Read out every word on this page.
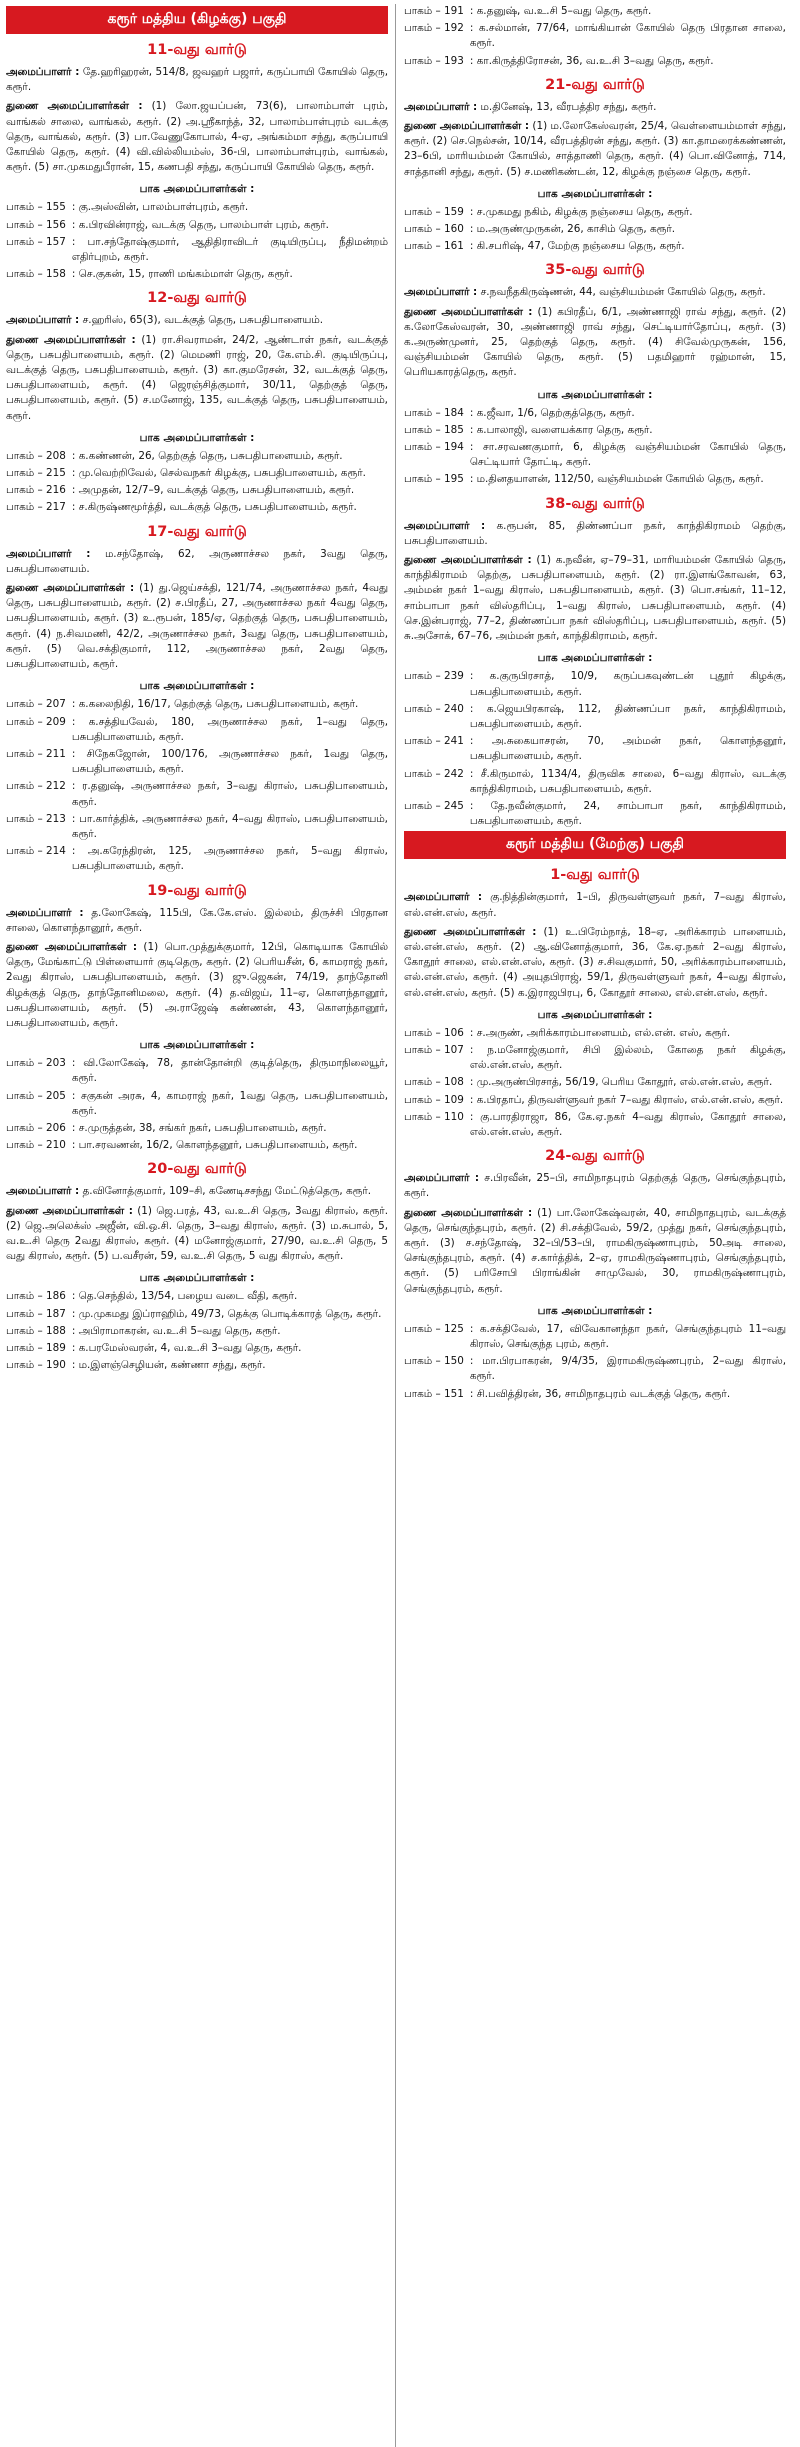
கரூர் மத்திய (கிழக்கு) பகுதி
11-வது வார்டு

அமைப்பாளர் : தே.ஹரிஹரன், 514/8, ஜவஹர் பஜார், கருப்பாயி கோயில் தெரு, கரூர்.

துணை அமைப்பாளர்கள் : (1) லோ.ஜயப்பன், 73(6), பாலாம்பாள் புரம், வாங்கல் சாலை, வாங்கல், கரூர். (2) அ.ஸ்ரீகாந்த், 32, பாலாம்பாள்புரம் வடக்கு தெரு, வாங்கல், கரூர். (3) பா.வேணுகோபால், 4-ஏ, அங்கம்மா சந்து, கருப்பாயி கோயில் தெரு, கரூர். (4) வி.வில்லியம்ஸ், 36-பி, பாலாம்பாள்புரம், வாங்கல், கரூர். (5) சா.முகமதுபீரான், 15, கணபதி சந்து, கருப்பாயி கோயில் தெரு, கரூர்.

பாக அமைப்பாளர்கள் :
பாகம் – 155 : கு.அஸ்வின், பாலம்பாள்புரம், கரூர்.
பாகம் – 156 : க.பிரவின்ராஜ், வடக்கு தெரு, பாலம்பாள் புரம், கரூர்.
பாகம் – 157 : பா.சந்தோஷ்குமார், ஆதிதிராவிடர் குடியிருப்பு, நீதிமன்றம் எதிர்புறம், கரூர்.
பாகம் – 158 : செ.குகன், 15, ராணி மங்கம்மாள் தெரு, கரூர்.
12-வது வார்டு

அமைப்பாளர் : ச.ஹரிஸ், 65(3), வடக்குத் தெரு, பசுபதிபாளையம்.

துணை அமைப்பாளர்கள் : (1) ரா.சிவராமன், 24/2, ஆண்டாள் நகர், வடக்குத் தெரு, பசுபதிபாளையம், கரூர். (2) மெமணி ராஜ், 20, கே.எம்.சி. குடியிருப்பு, வடக்குத் தெரு, பசுபதிபாளையம், கரூர். (3) கா.குமரேசன், 32, வடக்குத் தெரு, பசுபதிபாளையம், கரூர். (4) ஜெரஞ்சித்குமார், 30/11, தெற்குத் தெரு, பசுபதிபாளையம், கரூர். (5) ச.மனோஜ், 135, வடக்குத் தெரு, பசுபதிபாளையம், கரூர்.

பாக அமைப்பாளர்கள் :
பாகம் – 208 : க.கண்ணன், 26, தெற்குத் தெரு, பசுபதிபாளையம், கரூர்.
பாகம் – 215 : மு.வெற்றிவேல், செல்வநகர் கிழக்கு, பசுபதிபாளையம், கரூர்.
பாகம் – 216 : அமுதன், 12/7–9, வடக்குத் தெரு, பசுபதிபாளையம், கரூர்.
பாகம் – 217 : ச.கிருஷ்ணமூர்த்தி, வடக்குத் தெரு, பசுபதிபாளையம், கரூர்.
17-வது வார்டு

அமைப்பாளர் : ம.சந்தோஷ், 62, அருணாச்சல நகர், 3வது தெரு, பசுபதிபாளையம்.

துணை அமைப்பாளர்கள் : (1) து.ஜெய்சக்தி, 121/74, அருணாச்சல நகர், 4வது தெரு, பசுபதிபாளையம், கரூர். (2) ச.பிரதீப், 27, அருணாச்சல நகர் 4வது தெரு, பசுபதிபாளையம், கரூர். (3) உ.ரூபன், 185/ஏ, தெற்குத் தெரு, பசுபதிபாளையம், கரூர். (4) ந.சிவமணி, 42/2, அருணாச்சல நகர், 3வது தெரு, பசுபதிபாளையம், கரூர். (5) வெ.சக்திகுமார், 112, அருணாச்சல நகர், 2வது தெரு, பசுபதிபாளையம், கரூர்.

பாக அமைப்பாளர்கள் :
பாகம் – 207 : க.கலைநிதி, 16/17, தெற்குத் தெரு, பசுபதிபாளையம், கரூர்.
பாகம் – 209 : க.சத்தியவேல், 180, அருணாச்சல நகர், 1–வது தெரு, பசுபதிபாளையம், கரூர்.
பாகம் – 211 : சிநேகஜோன், 100/176, அருணாச்சல நகர், 1வது தெரு, பசுபதிபாளையம், கரூர்.
பாகம் – 212 : ர.தனுஷ், அருணாச்சல நகர், 3–வது கிராஸ், பசுபதிபாளையம், கரூர்.
பாகம் – 213 : பா.கார்த்திக், அருணாச்சல நகர், 4–வது கிராஸ், பசுபதிபாளையம், கரூர்.
பாகம் – 214 : அ.கரேந்திரன், 125, அருணாச்சல நகர், 5–வது கிராஸ், பசுபதிபாளையம், கரூர்.
19-வது வார்டு

அமைப்பாளர் : த.லோகேஷ், 115பி, கே.கே.எஸ். இல்லம், திருச்சி பிரதான சாலை, கொளந்தானூர், கரூர்.

துணை அமைப்பாளர்கள் : (1) பொ.முத்துக்குமார், 12பி, கொடியாக கோயில் தெரு, மேங்காட்டு பிள்ளையார் குடிதெரு, கரூர். (2) பெரியசீன், 6, காமராஜ் நகர், 2வது கிராஸ், பசுபதிபாளையம், கரூர். (3) ஜு.ஜெகன், 74/19, தாந்தோனி கிழக்குத் தெரு, தாந்தோனிமலை, கரூர். (4) த.விஜய், 11–ஏ, கொளந்தானூர், பசுபதிபாளையம், கரூர். (5) அ.ராஜேஷ் கண்ணன், 43, கொளந்தானூர், பசுபதிபாளையம், கரூர்.

பாக அமைப்பாளர்கள் :
பாகம் – 203 : வி.லோகேஷ், 78, தான்தோன்றி குடித்தெரு, திருமாநிலையூர், கரூர்.
பாகம் – 205 : சகுகன் அரசு, 4, காமராஜ் நகர், 1வது தெரு, பசுபதிபாளையம், கரூர்.
பாகம் – 206 : ச.முருத்தன், 38, சங்கர் நகர், பசுபதிபாளையம், கரூர்.
பாகம் – 210 : பா.சரவணன், 16/2, கொளந்தனூர், பசுபதிபாளையம், கரூர்.
20-வது வார்டு

அமைப்பாளர் : த.வினோத்குமார், 109–சி, கணேடிசசந்து மேட்டுத்தெரு, கரூர்.

துணை அமைப்பாளர்கள் : (1) ஜெ.பரத், 43, வ.உ.சி தெரு, 3வது கிராஸ், கரூர். (2) ஜெ.அலெக்ஸ் அஜீன், வி.ஒ.சி. தெரு, 3–வது கிராஸ், கரூர். (3) ம.சுபால், 5, வ.உ.சி தெரு 2வது கிராஸ், கரூர். (4) மனோஜ்குமார், 27/90, வ.உ.சி தெரு, 5 வது கிராஸ், கரூர். (5) ப.வசீரன், 59, வ.உ.சி தெரு, 5 வது கிராஸ், கரூர்.

பாக அமைப்பாளர்கள் :
பாகம் – 186 : தெ.செந்தில், 13/54, பழைய வடை வீதி, கரூர்.
பாகம் – 187 : மு.முகமது இப்ராஹிம், 49/73, தெக்கு பொடிக்காரத் தெரு, கரூர்.
பாகம் – 188 : அபிராமாகரன், வ.உ.சி 5–வது தெரு, கரூர்.
பாகம் – 189 : க.பரமேஸ்வரன், 4, வ.உ.சி 3–வது தெரு, கரூர்.
பாகம் – 190 : ம.இளஞ்செழியன், கண்ணா சந்து, கரூர்.
பாகம் – 191 : க.தனுஷ், வ.உ.சி 5–வது தெரு, கரூர்.
பாகம் – 192 : க.சல்மான், 77/64, மாங்கியான் கோயில் தெரு பிரதான சாலை, கரூர்.
பாகம் – 193 : கா.கிருத்திரோசன், 36, வ.உ.சி 3–வது தெரு, கரூர்.
21-வது வார்டு

அமைப்பாளர் : ம.தினேஷ், 13, வீரபத்திர சந்து, கரூர்.

துணை அமைப்பாளர்கள் : (1) ம.லோகேஸ்வரன், 25/4, வெள்ளையம்மாள் சந்து, கரூர். (2) செ.நெல்சன், 10/14, வீரபத்திரன் சந்து, கரூர். (3) கா.தாமரைக்கண்ணன், 23–6பி, மாரியம்மன் கோயில், சாத்தாணி தெரு, கரூர். (4) பொ.வினோத், 714, சாத்தானி சந்து, கரூர். (5) ச.மணிகண்டன், 12, கிழக்கு நஞ்சை தெரு, கரூர்.

பாக அமைப்பாளர்கள் :
பாகம் – 159 : ச.முகமது நகிம், கிழக்கு நஞ்சைய தெரு, கரூர்.
பாகம் – 160 : ம.அருண்முருகன், 26, காசிம் தெரு, கரூர்.
பாகம் – 161 : கி.சபரிஷ், 47, மேற்கு நஞ்சைய தெரு, கரூர்.
35-வது வார்டு

அமைப்பாளர் : ச.நவநீதகிருஷ்ணன், 44, வஞ்சியம்மன் கோயில் தெரு, கரூர்.

துணை அமைப்பாளர்கள் : (1) கபிரதீப், 6/1, அண்ணாஜி ராவ் சந்து, கரூர். (2) க.லோகேஸ்வரன், 30, அண்ணாஜி ராவ் சந்து, செட்டியார்தோப்பு, கரூர். (3) க.அருண்முனர், 25, தெற்குத் தெரு, கரூர். (4) சிவேல்முருகன், 156, வஞ்சியம்மன் கோயில் தெரு, கரூர். (5) பதமிஹார் ரஹ்மான், 15, பெரியகாரத்தெரு, கரூர்.

பாக அமைப்பாளர்கள் :
பாகம் – 184 : க.ஜீவா, 1/6, தெற்குத்தெரு, கரூர்.
பாகம் – 185 : க.பாலாஜி, வளையக்கார தெரு, கரூர்.
பாகம் – 194 : சா.சரவணகுமார், 6, கிழக்கு வஞ்சியம்மன் கோயில் தெரு, செட்டியார் தோட்டி, கரூர்.
பாகம் – 195 : ம.தினதயாளன், 112/50, வஞ்சியம்மன் கோயில் தெரு, கரூர்.
38-வது வார்டு

அமைப்பாளர் : க.ரூபன், 85, திண்ணப்பா நகர், காந்திகிராமம் தெற்கு, பசுபதிபாளையம்.

துணை அமைப்பாளர்கள் : (1) க.நவீன், ஏ–79–31, மாரியம்மன் கோயில் தெரு, காந்திகிராமம் தெற்கு, பசுபதிபாளையம், கரூர். (2) ரா.இளங்கோவன், 63, அம்மன் நகர் 1–வது கிராஸ், பசுபதிபாளையம், கரூர். (3) பொ.சங்கர், 11–12, சாம்பாபா நகர் விஸ்தரிப்பு, 1–வது கிராஸ், பசுபதிபாளையம், கரூர். (4) செ.இன்பராஜ், 77–2, திண்ணப்பா நகர் விஸ்தரிப்பு, பசுபதிபாளையம், கரூர். (5) சு.அசோக், 67–76, அம்மன் நகர், காந்திகிராமம், கரூர்.

பாக அமைப்பாளர்கள் :
பாகம் – 239 : க.குருபிரசாத், 10/9, கருப்பகவுண்டன் புதூர் கிழக்கு, பசுபதிபாளையம், கரூர்.
பாகம் – 240 : க.ஜெயபிரகாஷ், 112, திண்ணப்பா நகர், காந்திகிராமம், பசுபதிபாளையம், கரூர்.
பாகம் – 241 : அ.சுகையாசரன், 70, அம்மன் நகர், கொளந்தனூர், பசுபதிபாளையம், கரூர்.
பாகம் – 242 : சீ.கிருமால், 1134/4, திருவிக சாலை, 6–வது கிராஸ், வடக்கு காந்திகிராமம், பசுபதிபாளையம், கரூர்.
பாகம் – 245 : தே.நவீன்குமார், 24, சாம்பாபா நகர், காந்திகிராமம், பசுபதிபாளையம், கரூர்.
கரூர் மத்திய (மேற்கு) பகுதி
1-வது வார்டு

அமைப்பாளர் : கு.நித்தின்குமார், 1–பி, திருவள்ளுவர் நகர், 7–வது கிராஸ், எல்.என்.எஸ், கரூர்.

துணை அமைப்பாளர்கள் : (1) உ.பிரேம்நாத், 18–ஏ, அரிக்காரம் பாளையம், எல்.என்.எஸ், கரூர். (2) ஆ.வினோத்குமார், 36, கே.ஏ.நகர் 2–வது கிராஸ், கோதூர் சாலை, எல்.என்.எஸ், கரூர். (3) ச.சிவகுமார், 50, அரிக்காரம்பாளையம், எல்.என்.எஸ், கரூர். (4) அயுதபிராஜ், 59/1, திருவள்ளுவர் நகர், 4–வது கிராஸ், எல்.என்.எஸ், கரூர். (5) க.இராஜபிரபு, 6, கோதூர் சாலை, எல்.என்.எஸ், கரூர்.

பாக அமைப்பாளர்கள் :
பாகம் – 106 : ச.அருண், அரிக்காரம்பாளையம், எல்.என். எஸ், கரூர்.
பாகம் – 107 : ந.மனோஜ்குமார், சிபி இல்லம், கோதை நகர் கிழக்கு, எல்.என்.எஸ், கரூர்.
பாகம் – 108 : மு.அருண்பிரசாத், 56/19, பெரிய கோதூர், எல்.என்.எஸ், கரூர்.
பாகம் – 109 : க.பிரதாப், திருவள்ளுவர் நகர் 7–வது கிராஸ், எல்.என்.எஸ், கரூர்.
பாகம் – 110 : கு.பாரதிராஜா, 86, கே.ஏ.நகர் 4–வது கிராஸ், கோதூர் சாலை, எல்.என்.எஸ், கரூர்.
24-வது வார்டு

அமைப்பாளர் : ச.பிரவீன், 25–பி, சாமிநாதபுரம் தெற்குத் தெரு, செங்குந்தபுரம், கரூர்.

துணை அமைப்பாளர்கள் : (1) பா.லோகேஷ்வரன், 40, சாமிநாதபுரம், வடக்குத் தெரு, செங்குந்தபுரம், கரூர். (2) சி.சக்திவேல், 59/2, முத்து நகர், செங்குந்தபுரம், கரூர். (3) ச.சந்தோஷ், 32–பி/53–பி, ராமகிருஷ்ணாபுரம், 50அடி சாலை, செங்குந்தபுரம், கரூர். (4) ச.கார்த்திக், 2–ஏ, ராமகிருஷ்ணாபுரம், செங்குந்தபுரம், கரூர். (5) பரிசோபி பிராங்கின் சாமுவேல், 30, ராமகிருஷ்ணாபுரம், செங்குந்தபுரம், கரூர்.

பாக அமைப்பாளர்கள் :
பாகம் – 125 : க.சக்திவேல், 17, விவேகானந்தா நகர், செங்குந்தபுரம் 11–வது கிராஸ், செங்குந்த புரம், கரூர்.
பாகம் – 150 : மா.பிரபாகரன், 9/4/35, இராமகிருஷ்ணபுரம், 2–வது கிராஸ், கரூர்.
பாகம் – 151 : சி.பவித்திரன், 36, சாமிநாதபுரம் வடக்குத் தெரு, கரூர்.
